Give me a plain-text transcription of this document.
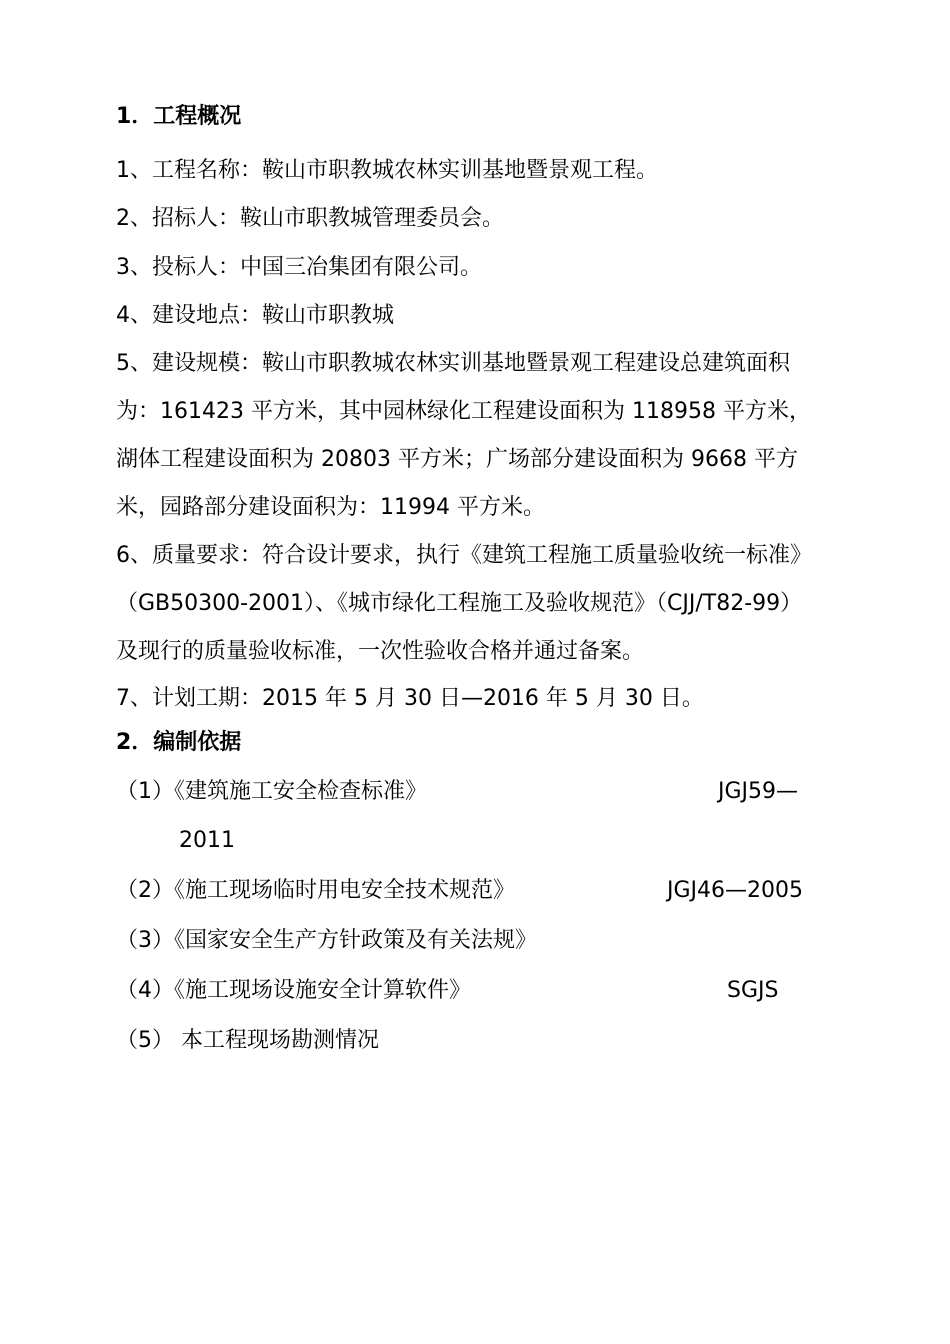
1．工程概况
1、工程名称：鞍山市职教城农林实训基地暨景观工程。
2、招标人：鞍山市职教城管理委员会。
3、投标人：中国三冶集团有限公司。
4、建设地点：鞍山市职教城
5、建设规模：鞍山市职教城农林实训基地暨景观工程建设总建筑面积
为：161423 平方米，其中园林绿化工程建设面积为 118958 平方米，
湖体工程建设面积为 20803 平方米；广场部分建设面积为 9668 平方
米，园路部分建设面积为：11994 平方米。
6、质量要求：符合设计要求，执行《建筑工程施工质量验收统一标准》
（GB50300-2001）、《城市绿化工程施工及验收规范》（CJJ/T82-99）
及现行的质量验收标准，一次性验收合格并通过备案。
7、计划工期：2015 年 5 月 30 日—2016 年 5 月 30 日。
2．编制依据
（1）《建筑施工安全检查标准》	JGJ59—
2011
（2）《施工现场临时用电安全技术规范》	JGJ46—2005
（3）《国家安全生产方针政策及有关法规》
（4）《施工现场设施安全计算软件》	SGJS
（5） 本工程现场勘测情况
